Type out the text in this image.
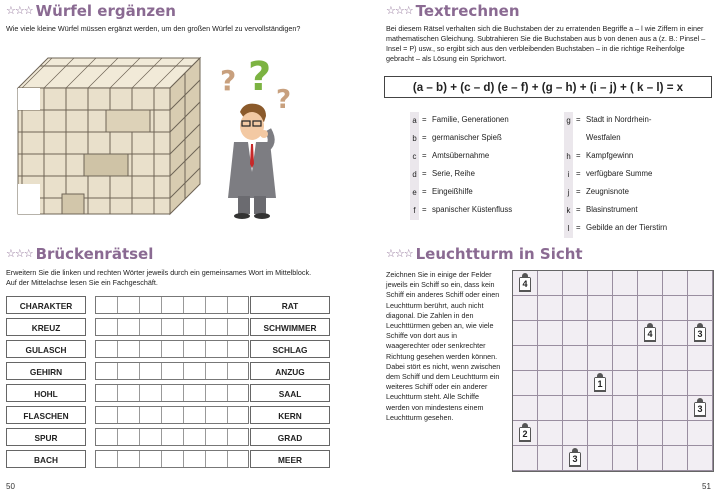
☆☆☆ Würfel ergänzen
Wie viele kleine Würfel müssen ergänzt werden, um den großen Würfel zu vervollständigen?
? ? ?
☆☆☆ Textrechnen
Bei diesem Rätsel verhalten sich die Buchstaben der zu erratenden Begriffe a – l wie Ziffern in einer mathematischen Gleichung. Subtrahieren Sie die Buchstaben aus b von denen aus a (z. B.: Pinsel – Insel = P) usw., so ergibt sich aus den verbleibenden Buchstaben – in die richtige Reihenfolge gebracht – als Lösung ein Sprichwort.
(a – b) + (c – d) (e – f) + (g – h) + (i – j) + ( k – l) = x
a = Familie, Generationen
b = germanischer Spieß
c = Amtsübernahme
d = Serie, Reihe
e = Eingeißhilfe
f = spanischer Küstenfluss
g = Stadt in Nordrhein-
Westfalen
h = Kampfgewinn
i = verfügbare Summe
j = Zeugnisnote
k = Blasinstrument
l = Gebilde an der Tierstirn
☆☆☆ Brückenrätsel
Erweitern Sie die linken und rechten Wörter jeweils durch ein gemeinsames Wort im Mittelblock.
Auf der Mittelachse lesen Sie ein Fachgeschäft.
CHARAKTER	RAT
KREUZ	SCHWIMMER
GULASCH	SCHLAG
GEHIRN	ANZUG
HOHL	SAAL
FLASCHEN	KERN
SPUR	GRAD
BACH	MEER
☆☆☆ Leuchtturm in Sicht
Zeichnen Sie in einige der Felder jeweils ein Schiff so ein, dass kein Schiff ein anderes Schiff oder einen Leuchtturm berührt, auch nicht diagonal. Die Zahlen in den Leuchttürmen geben an, wie viele Schiffe von dort aus in waagerechter oder senkrechter Richtung gesehen werden können. Dabei stört es nicht, wenn zwischen dem Schiff und dem Leuchtturm ein weiteres Schiff oder ein anderer Leuchtturm steht. Alle Schiffe werden von mindestens einem Leuchtturm gesehen.
4
4	3
1
3
2
3
50	51
